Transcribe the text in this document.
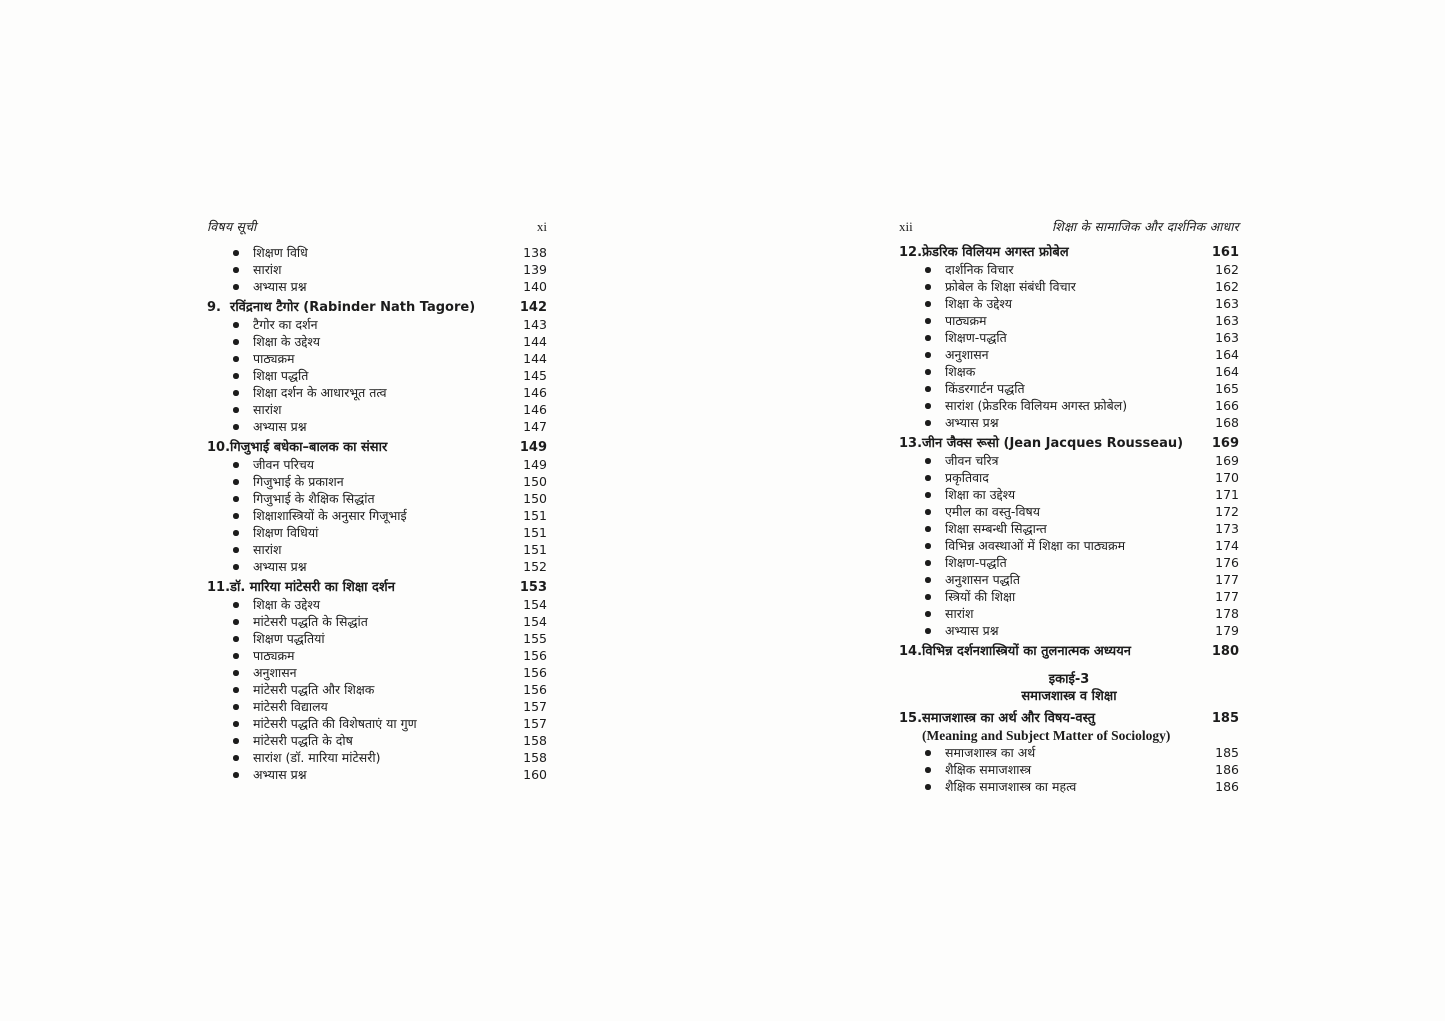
विषय सूची	xi
शिक्षण विधि	138
सारांश	139
अभ्यास प्रश्न	140
9. रविंद्रनाथ टैगोर (Rabinder Nath Tagore)	142
टैगोर का दर्शन	143
शिक्षा के उद्देश्य	144
पाठ्यक्रम	144
शिक्षा पद्धति	145
शिक्षा दर्शन के आधारभूत तत्व	146
सारांश	146
अभ्यास प्रश्न	147
10. गिजुभाई बधेका–बालक का संसार	149
जीवन परिचय	149
गिजुभाई के प्रकाशन	150
गिजुभाई के शैक्षिक सिद्धांत	150
शिक्षाशास्त्रियों के अनुसार गिजूभाई	151
शिक्षण विधियां	151
सारांश	151
अभ्यास प्रश्न	152
11. डॉ. मारिया मांटेसरी का शिक्षा दर्शन	153
शिक्षा के उद्देश्य	154
मांटेसरी पद्धति के सिद्धांत	154
शिक्षण पद्धतियां	155
पाठ्यक्रम	156
अनुशासन	156
मांटेसरी पद्धति और शिक्षक	156
मांटेसरी विद्यालय	157
मांटेसरी पद्धति की विशेषताएं या गुण	157
मांटेसरी पद्धति के दोष	158
सारांश (डॉ. मारिया मांटेसरी)	158
अभ्यास प्रश्न	160
xii	शिक्षा के सामाजिक और दार्शनिक आधार
12. फ्रेडरिक विलियम अगस्त फ्रोबेल	161
दार्शनिक विचार	162
फ्रोबेल के शिक्षा संबंधी विचार	162
शिक्षा के उद्देश्य	163
पाठ्यक्रम	163
शिक्षण-पद्धति	163
अनुशासन	164
शिक्षक	164
किंडरगार्टन पद्धति	165
सारांश (फ्रेडरिक विलियम अगस्त फ्रोबेल)	166
अभ्यास प्रश्न	168
13. जीन जैक्स रूसो (Jean Jacques Rousseau)	169
जीवन चरित्र	169
प्रकृतिवाद	170
शिक्षा का उद्देश्य	171
एमील का वस्तु-विषय	172
शिक्षा सम्बन्धी सिद्धान्त	173
विभिन्न अवस्थाओं में शिक्षा का पाठ्यक्रम	174
शिक्षण-पद्धति	176
अनुशासन पद्धति	177
स्त्रियों की शिक्षा	177
सारांश	178
अभ्यास प्रश्न	179
14. विभिन्न दर्शनशास्त्रियों का तुलनात्मक अध्ययन	180
इकाई-3
समाजशास्त्र व शिक्षा
15. समाजशास्त्र का अर्थ और विषय-वस्तु	185
(Meaning and Subject Matter of Sociology)
समाजशास्त्र का अर्थ	185
शैक्षिक समाजशास्त्र	186
शैक्षिक समाजशास्त्र का महत्व	186
